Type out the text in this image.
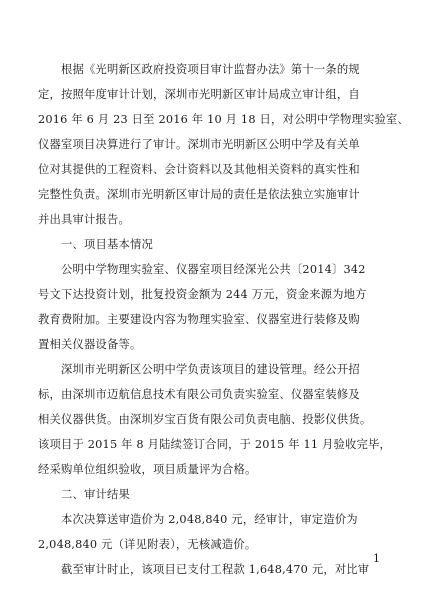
　　根据《光明新区政府投资项目审计监督办法》第十一条的规
定，按照年度审计计划，深圳市光明新区审计局成立审计组，自
2016 年 6 月 23 日至 2016 年 10 月 18 日，对公明中学物理实验室、
仪器室项目决算进行了审计。深圳市光明新区公明中学及有关单
位对其提供的工程资料、会计资料以及其他相关资料的真实性和
完整性负责。深圳市光明新区审计局的责任是依法独立实施审计
并出具审计报告。
　　一、项目基本情况
　　公明中学物理实验室、仪器室项目经深光公共〔2014〕342
号文下达投资计划，批复投资金额为 244 万元，资金来源为地方
教育费附加。主要建设内容为物理实验室、仪器室进行装修及购
置相关仪器设备等。
　　深圳市光明新区公明中学负责该项目的建设管理。经公开招
标，由深圳市迈航信息技术有限公司负责实验室、仪器室装修及
相关仪器供货。由深圳岁宝百货有限公司负责电脑、投影仪供货。
该项目于 2015 年 8 月陆续签订合同，于 2015 年 11 月验收完毕，
经采购单位组织验收，项目质量评为合格。
　　二、审计结果
　　本次决算送审造价为 2,048,840 元，经审计，审定造价为
2,048,840 元（详见附表），无核减造价。
　　截至审计时止，该项目已支付工程款 1,648,470 元，对比审
1
